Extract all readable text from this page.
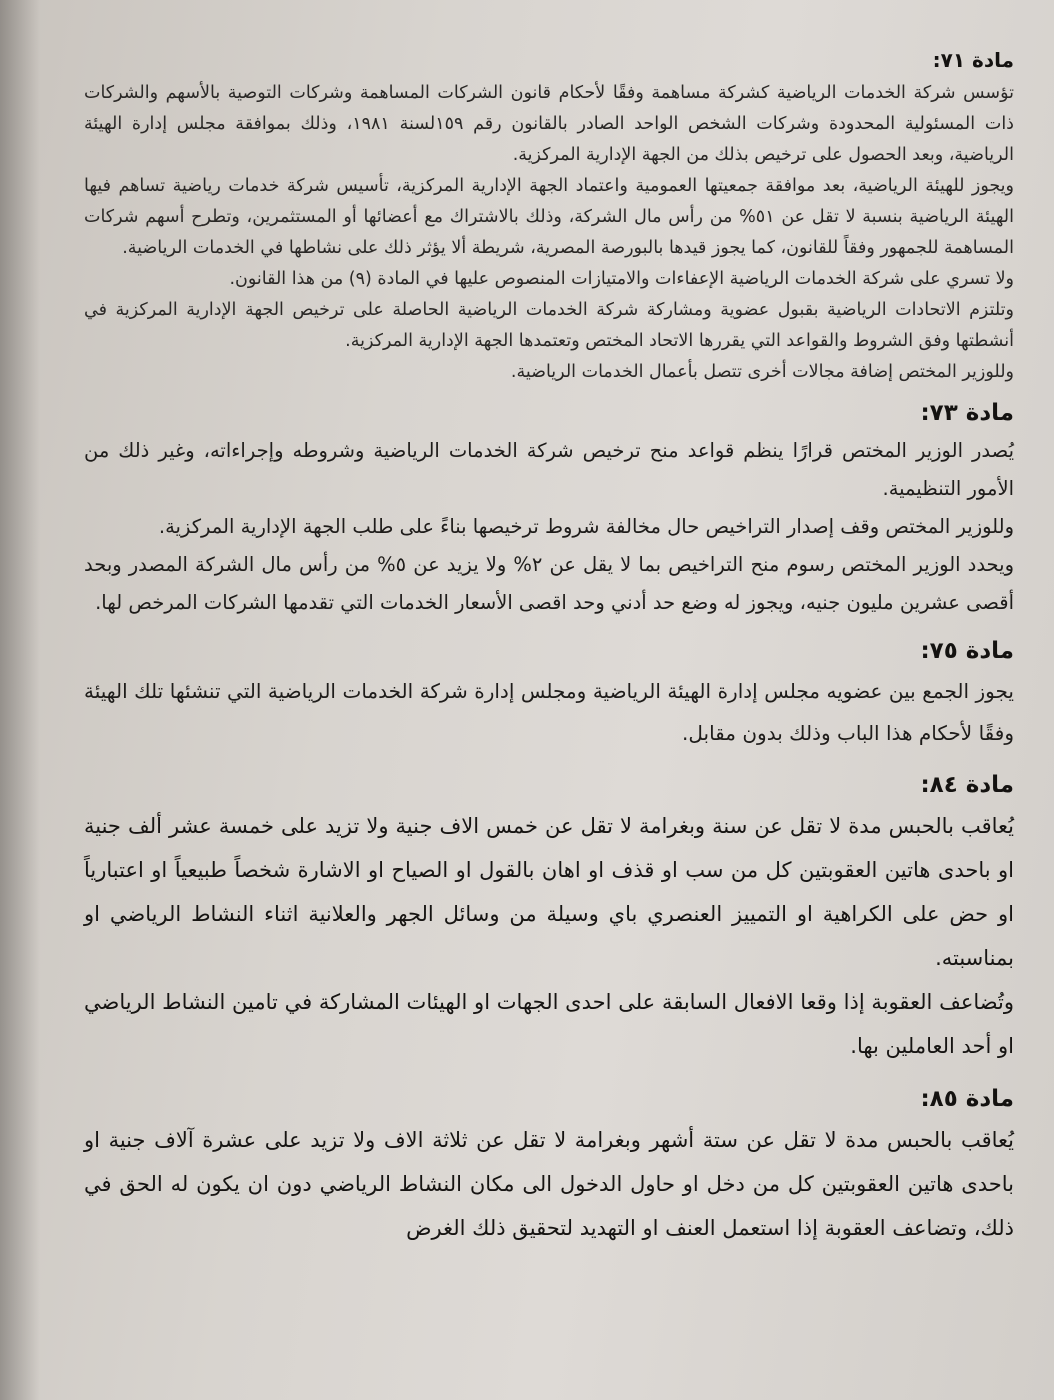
مادة ٧١:

تؤسس شركة الخدمات الرياضية كشركة مساهمة وفقًا لأحكام قانون الشركات المساهمة وشركات التوصية بالأسهم والشركات ذات المسئولية المحدودة وشركات الشخص الواحد الصادر بالقانون رقم ١٥٩لسنة ١٩٨١، وذلك بموافقة مجلس إدارة الهيئة الرياضية، وبعد الحصول على ترخيص بذلك من الجهة الإدارية المركزية.

ويجوز للهيئة الرياضية، بعد موافقة جمعيتها العمومية واعتماد الجهة الإدارية المركزية، تأسيس شركة خدمات رياضية تساهم فيها الهيئة الرياضية بنسبة لا تقل عن ٥١% من رأس مال الشركة، وذلك بالاشتراك مع أعضائها أو المستثمرين، وتطرح أسهم شركات المساهمة للجمهور وفقاً للقانون، كما يجوز قيدها بالبورصة المصرية، شريطة ألا يؤثر ذلك على نشاطها في الخدمات الرياضية.

ولا تسري على شركة الخدمات الرياضية الإعفاءات والامتيازات المنصوص عليها في المادة (٩) من هذا القانون.

وتلتزم الاتحادات الرياضية بقبول عضوية ومشاركة شركة الخدمات الرياضية الحاصلة على ترخيص الجهة الإدارية المركزية في أنشطتها وفق الشروط والقواعد التي يقررها الاتحاد المختص وتعتمدها الجهة الإدارية المركزية.

وللوزير المختص إضافة مجالات أخرى تتصل بأعمال الخدمات الرياضية.

مادة ٧٣:

يُصدر الوزير المختص قرارًا ينظم قواعد منح ترخيص شركة الخدمات الرياضية وشروطه وإجراءاته، وغير ذلك من الأمور التنظيمية.

وللوزير المختص وقف إصدار التراخيص حال مخالفة شروط ترخيصها بناءً على طلب الجهة الإدارية المركزية.

ويحدد الوزير المختص رسوم منح التراخيص بما لا يقل عن ٢% ولا يزيد عن ٥% من رأس مال الشركة المصدر وبحد أقصى عشرين مليون جنيه، ويجوز له وضع حد أدني وحد اقصى الأسعار الخدمات التي تقدمها الشركات المرخص لها.

مادة ٧٥:

يجوز الجمع بين عضويه مجلس إدارة الهيئة الرياضية ومجلس إدارة شركة الخدمات الرياضية التي تنشئها تلك الهيئة وفقًا لأحكام هذا الباب وذلك بدون مقابل.

مادة ٨٤:

يُعاقب بالحبس مدة لا تقل عن سنة وبغرامة لا تقل عن خمس الاف جنية ولا تزيد على خمسة عشر ألف جنية او باحدى هاتين العقوبتين كل من سب او قذف او اهان بالقول او الصياح او الاشارة شخصاً طبيعياً او اعتبارياً او حض على الكراهية او التمييز العنصري باي وسيلة من وسائل الجهر والعلانية اثناء النشاط الرياضي او بمناسبته.

وتُضاعف العقوبة إذا وقعا الافعال السابقة على احدى الجهات او الهيئات المشاركة في تامين النشاط الرياضي او أحد العاملين بها.

مادة ٨٥:

يُعاقب بالحبس مدة لا تقل عن ستة أشهر وبغرامة لا تقل عن ثلاثة الاف ولا تزيد على عشرة آلاف جنية او باحدى هاتين العقوبتين كل من دخل او حاول الدخول الى مكان النشاط الرياضي دون ان يكون له الحق في ذلك، وتضاعف العقوبة إذا استعمل العنف او التهديد لتحقيق ذلك الغرض
